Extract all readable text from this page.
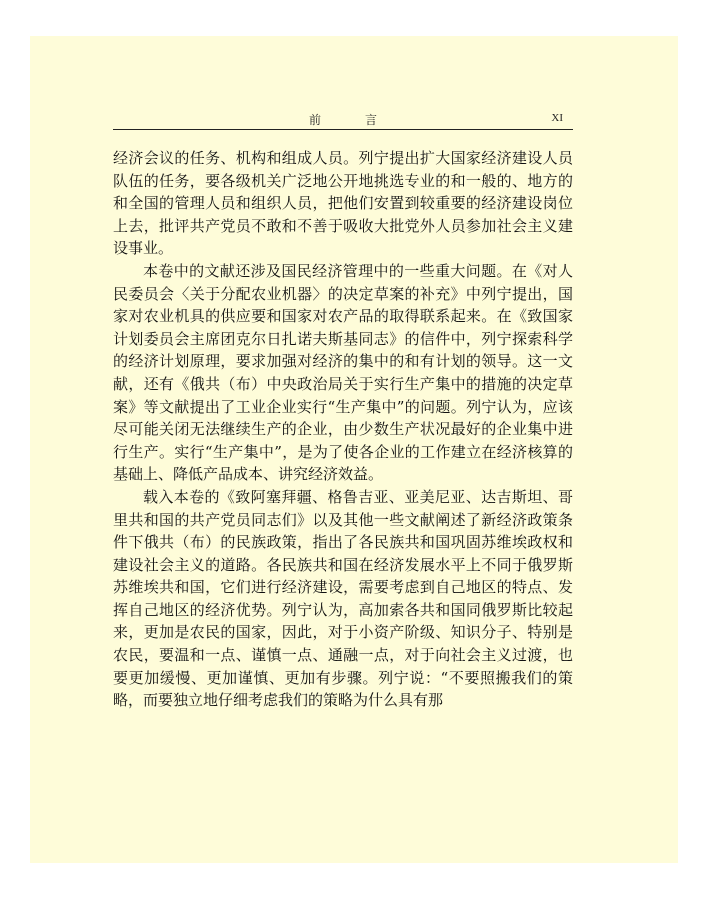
前　言	XI

经济会议的任务、机构和组成人员。列宁提出扩大国家经济建设人员队伍的任务，要各级机关广泛地公开地挑选专业的和一般的、地方的和全国的管理人员和组织人员，把他们安置到较重要的经济建设岗位上去，批评共产党员不敢和不善于吸收大批党外人员参加社会主义建设事业。

本卷中的文献还涉及国民经济管理中的一些重大问题。在《对人民委员会〈关于分配农业机器〉的决定草案的补充》中列宁提出，国家对农业机具的供应要和国家对农产品的取得联系起来。在《致国家计划委员会主席团克尔日扎诺夫斯基同志》的信件中，列宁探索科学的经济计划原理，要求加强对经济的集中的和有计划的领导。这一文献，还有《俄共（布）中央政治局关于实行生产集中的措施的决定草案》等文献提出了工业企业实行“生产集中”的问题。列宁认为，应该尽可能关闭无法继续生产的企业，由少数生产状况最好的企业集中进行生产。实行“生产集中”，是为了使各企业的工作建立在经济核算的基础上、降低产品成本、讲究经济效益。

载入本卷的《致阿塞拜疆、格鲁吉亚、亚美尼亚、达吉斯坦、哥里共和国的共产党员同志们》以及其他一些文献阐述了新经济政策条件下俄共（布）的民族政策，指出了各民族共和国巩固苏维埃政权和建设社会主义的道路。各民族共和国在经济发展水平上不同于俄罗斯苏维埃共和国，它们进行经济建设，需要考虑到自己地区的特点、发挥自己地区的经济优势。列宁认为，高加索各共和国同俄罗斯比较起来，更加是农民的国家，因此，对于小资产阶级、知识分子、特别是农民，要温和一点、谨慎一点、通融一点，对于向社会主义过渡，也要更加缓慢、更加谨慎、更加有步骤。列宁说：“不要照搬我们的策略，而要独立地仔细考虑我们的策略为什么具有那
